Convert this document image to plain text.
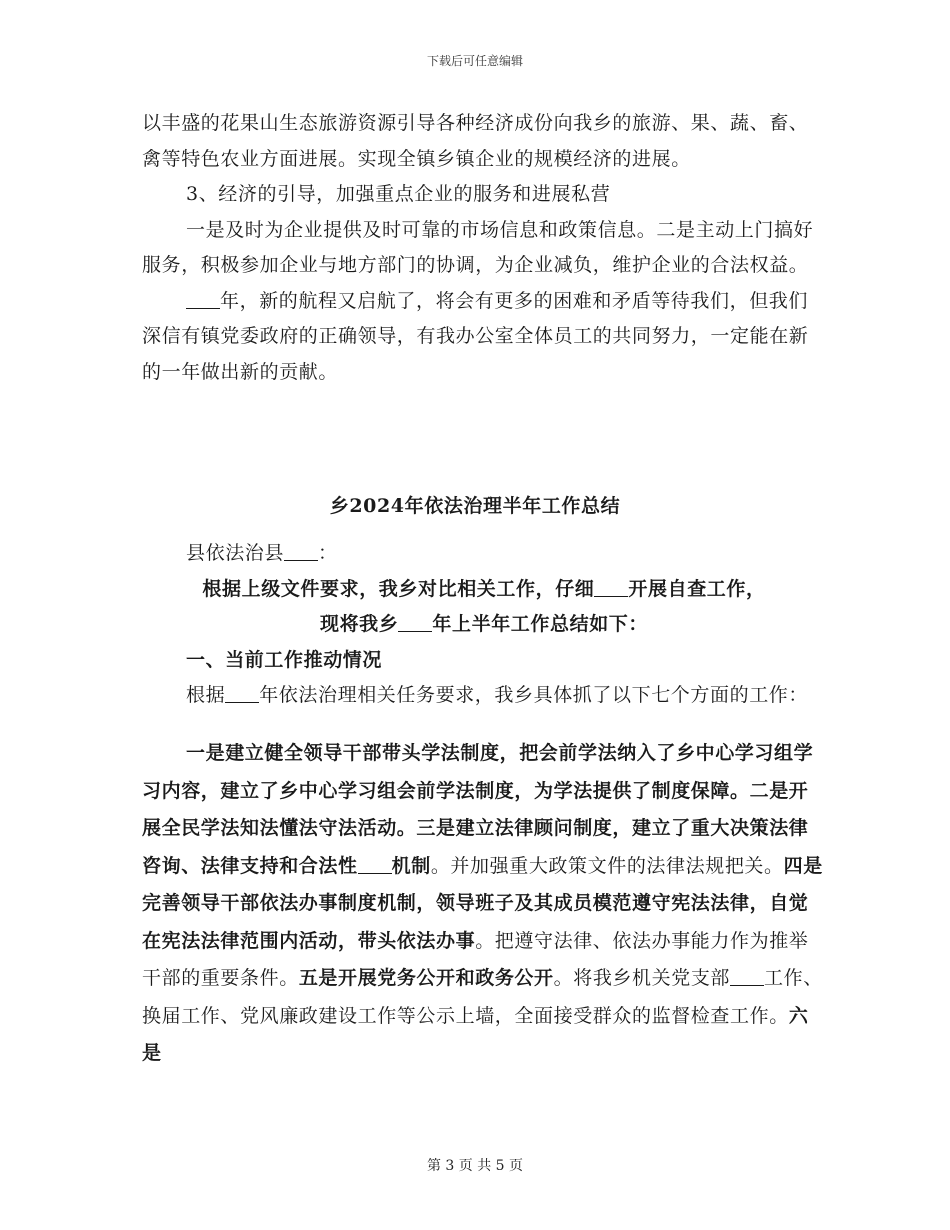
下载后可任意编辑

以丰盛的花果山生态旅游资源引导各种经济成份向我乡的旅游、果、蔬、畜、禽等特色农业方面进展。实现全镇乡镇企业的规模经济的进展。

3、经济的引导，加强重点企业的服务和进展私营

一是及时为企业提供及时可靠的市场信息和政策信息。二是主动上门搞好服务，积极参加企业与地方部门的协调，为企业减负，维护企业的合法权益。

年，新的航程又启航了，将会有更多的困难和矛盾等待我们，但我们深信有镇党委政府的正确领导，有我办公室全体员工的共同努力，一定能在新的一年做出新的贡献。

乡2024年依法治理半年工作总结

县依法治县 ：

根据上级文件要求，我乡对比相关工作，仔细 开展自查工作，

现将我乡 年上半年工作总结如下：

一、当前工作推动情况

根据 年依法治理相关任务要求，我乡具体抓了以下七个方面的工作：

一是建立健全领导干部带头学法制度，把会前学法纳入了乡中心学习组学习内容，建立了乡中心学习组会前学法制度，为学法提供了制度保障。二是开展全民学法知法懂法守法活动。三是建立法律顾问制度，建立了重大决策法律咨询、法律支持和合法性 机制。并加强重大政策文件的法律法规把关。四是完善领导干部依法办事制度机制，领导班子及其成员模范遵守宪法法律，自觉在宪法法律范围内活动，带头依法办事。把遵守法律、依法办事能力作为推举干部的重要条件。五是开展党务公开和政务公开。将我乡机关党支部 工作、换届工作、党风廉政建设工作等公示上墙，全面接受群众的监督检查工作。六是

第 3 页 共 5 页
